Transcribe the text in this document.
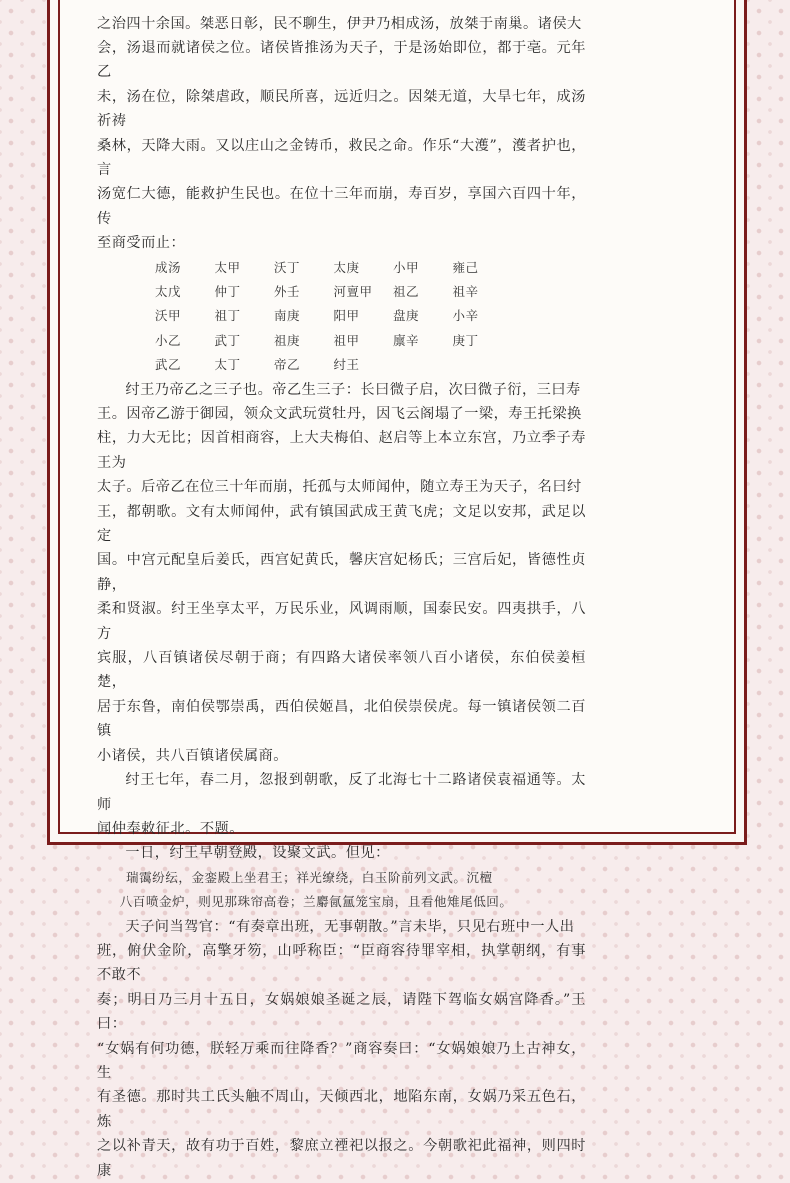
之治四十余国。桀恶日彰，民不聊生，伊尹乃相成汤，放桀于南巢。诸侯大

会，汤退而就诸侯之位。诸侯皆推汤为天子，于是汤始即位，都于亳。元年乙

未，汤在位，除桀虐政，顺民所喜，远近归之。因桀无道，大旱七年，成汤祈祷

桑林，天降大雨。又以庄山之金铸币，救民之命。作乐“大濩”，濩者护也，言

汤宽仁大德，能救护生民也。在位十三年而崩，寿百岁，享国六百四十年，传

至商受而止：

成汤	太甲	沃丁	太庚	小甲	雍己
太戊	仲丁	外壬	河亶甲	祖乙	祖辛
沃甲	祖丁	南庚	阳甲	盘庚	小辛
小乙	武丁	祖庚	祖甲	廪辛	庚丁
武乙	太丁	帝乙	纣王

纣王乃帝乙之三子也。帝乙生三子：长曰微子启，次曰微子衍，三曰寿

王。因帝乙游于御园，领众文武玩赏牡丹，因飞云阁塌了一梁，寿王托梁换

柱，力大无比；因首相商容，上大夫梅伯、赵启等上本立东宫，乃立季子寿王为

太子。后帝乙在位三十年而崩，托孤与太师闻仲，随立寿王为天子，名曰纣

王，都朝歌。文有太师闻仲，武有镇国武成王黄飞虎；文足以安邦，武足以定

国。中宫元配皇后姜氏，西宫妃黄氏，馨庆宫妃杨氏；三宫后妃，皆德性贞静，

柔和贤淑。纣王坐享太平，万民乐业，风调雨顺，国泰民安。四夷拱手，八方

宾服，八百镇诸侯尽朝于商；有四路大诸侯率领八百小诸侯，东伯侯姜桓楚，

居于东鲁，南伯侯鄂崇禹，西伯侯姬昌，北伯侯崇侯虎。每一镇诸侯领二百镇

小诸侯，共八百镇诸侯属商。

纣王七年，春二月，忽报到朝歌，反了北海七十二路诸侯袁福通等。太师

闻仲奉敕征北。不题。

一日，纣王早朝登殿，设聚文武。但见：

瑞霭纷纭，金銮殿上坐君王；祥光缭绕，白玉阶前列文武。沉檀

八百喷金炉，则见那珠帘高卷；兰麝氤氲笼宝扇，且看他雉尾低回。

天子问当驾官：“有奏章出班，无事朝散。”言未毕，只见右班中一人出

班，俯伏金阶，高擎牙笏，山呼称臣：“臣商容待罪宰相，执掌朝纲，有事不敢不

奏；明日乃三月十五日，女娲娘娘圣诞之辰，请陛下驾临女娲宫降香。”王曰：

“女娲有何功德，朕轻万乘而往降香？”商容奏曰：“女娲娘娘乃上古神女，生

有圣德。那时共工氏头触不周山，天倾西北，地陷东南，女娲乃采五色石，炼

之以补青天，故有功于百姓，黎庶立禋祀以报之。今朝歌祀此福神，则四时康
